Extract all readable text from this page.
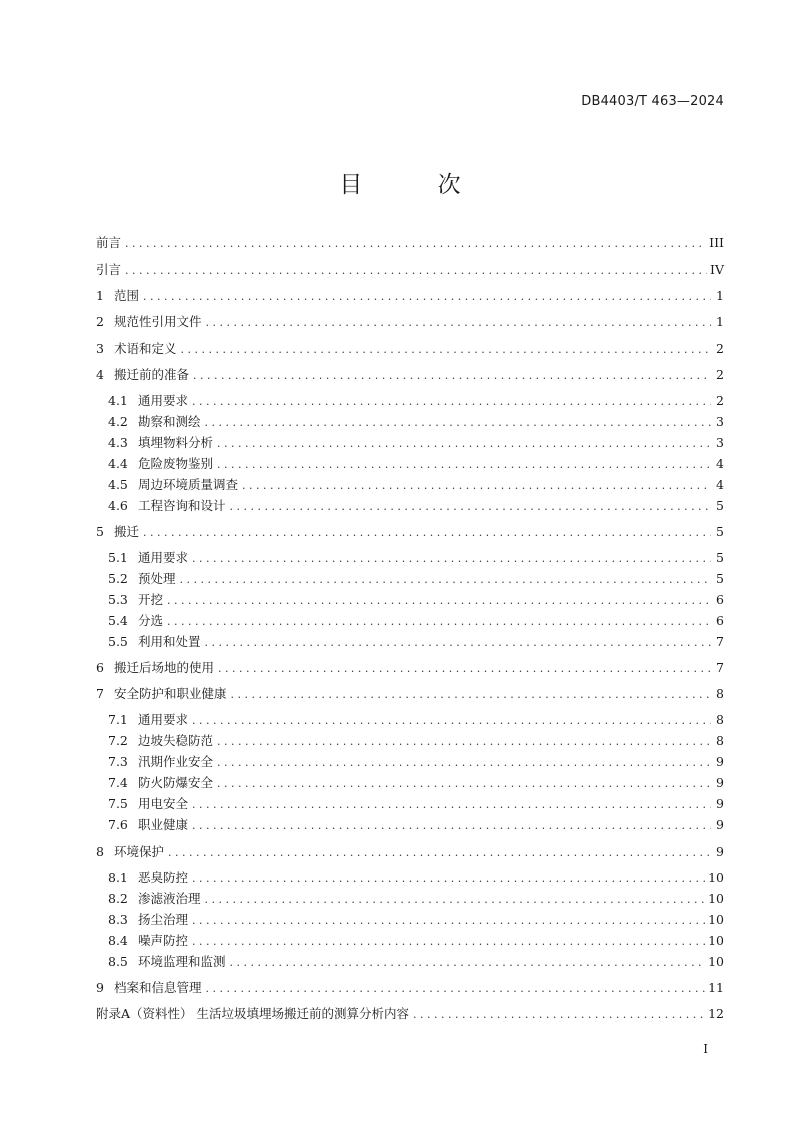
DB4403/T 463—2024
目 次
前言 . . .	III
引言 . . .	IV
1 范围 . . .	1
2 规范性引用文件 . . .	1
3 术语和定义 . . .	2
4 搬迁前的准备 . . .	2
4.1 通用要求 . . .	2
4.2 勘察和测绘 . . .	3
4.3 填埋物料分析 . . .	3
4.4 危险废物鉴别 . . .	4
4.5 周边环境质量调查 . . .	4
4.6 工程咨询和设计 . . .	5
5 搬迁 . . .	5
5.1 通用要求 . . .	5
5.2 预处理 . . .	5
5.3 开挖 . . .	6
5.4 分选 . . .	6
5.5 利用和处置 . . .	7
6 搬迁后场地的使用 . . .	7
7 安全防护和职业健康 . . .	8
7.1 通用要求 . . .	8
7.2 边坡失稳防范 . . .	8
7.3 汛期作业安全 . . .	9
7.4 防火防爆安全 . . .	9
7.5 用电安全 . . .	9
7.6 职业健康 . . .	9
8 环境保护 . . .	9
8.1 恶臭防控 . . .	10
8.2 渗滤液治理 . . .	10
8.3 扬尘治理 . . .	10
8.4 噪声防控 . . .	10
8.5 环境监理和监测 . . .	10
9 档案和信息管理 . . .	11
附录A（资料性） 生活垃圾填埋场搬迁前的测算分析内容 . . .	12
I
